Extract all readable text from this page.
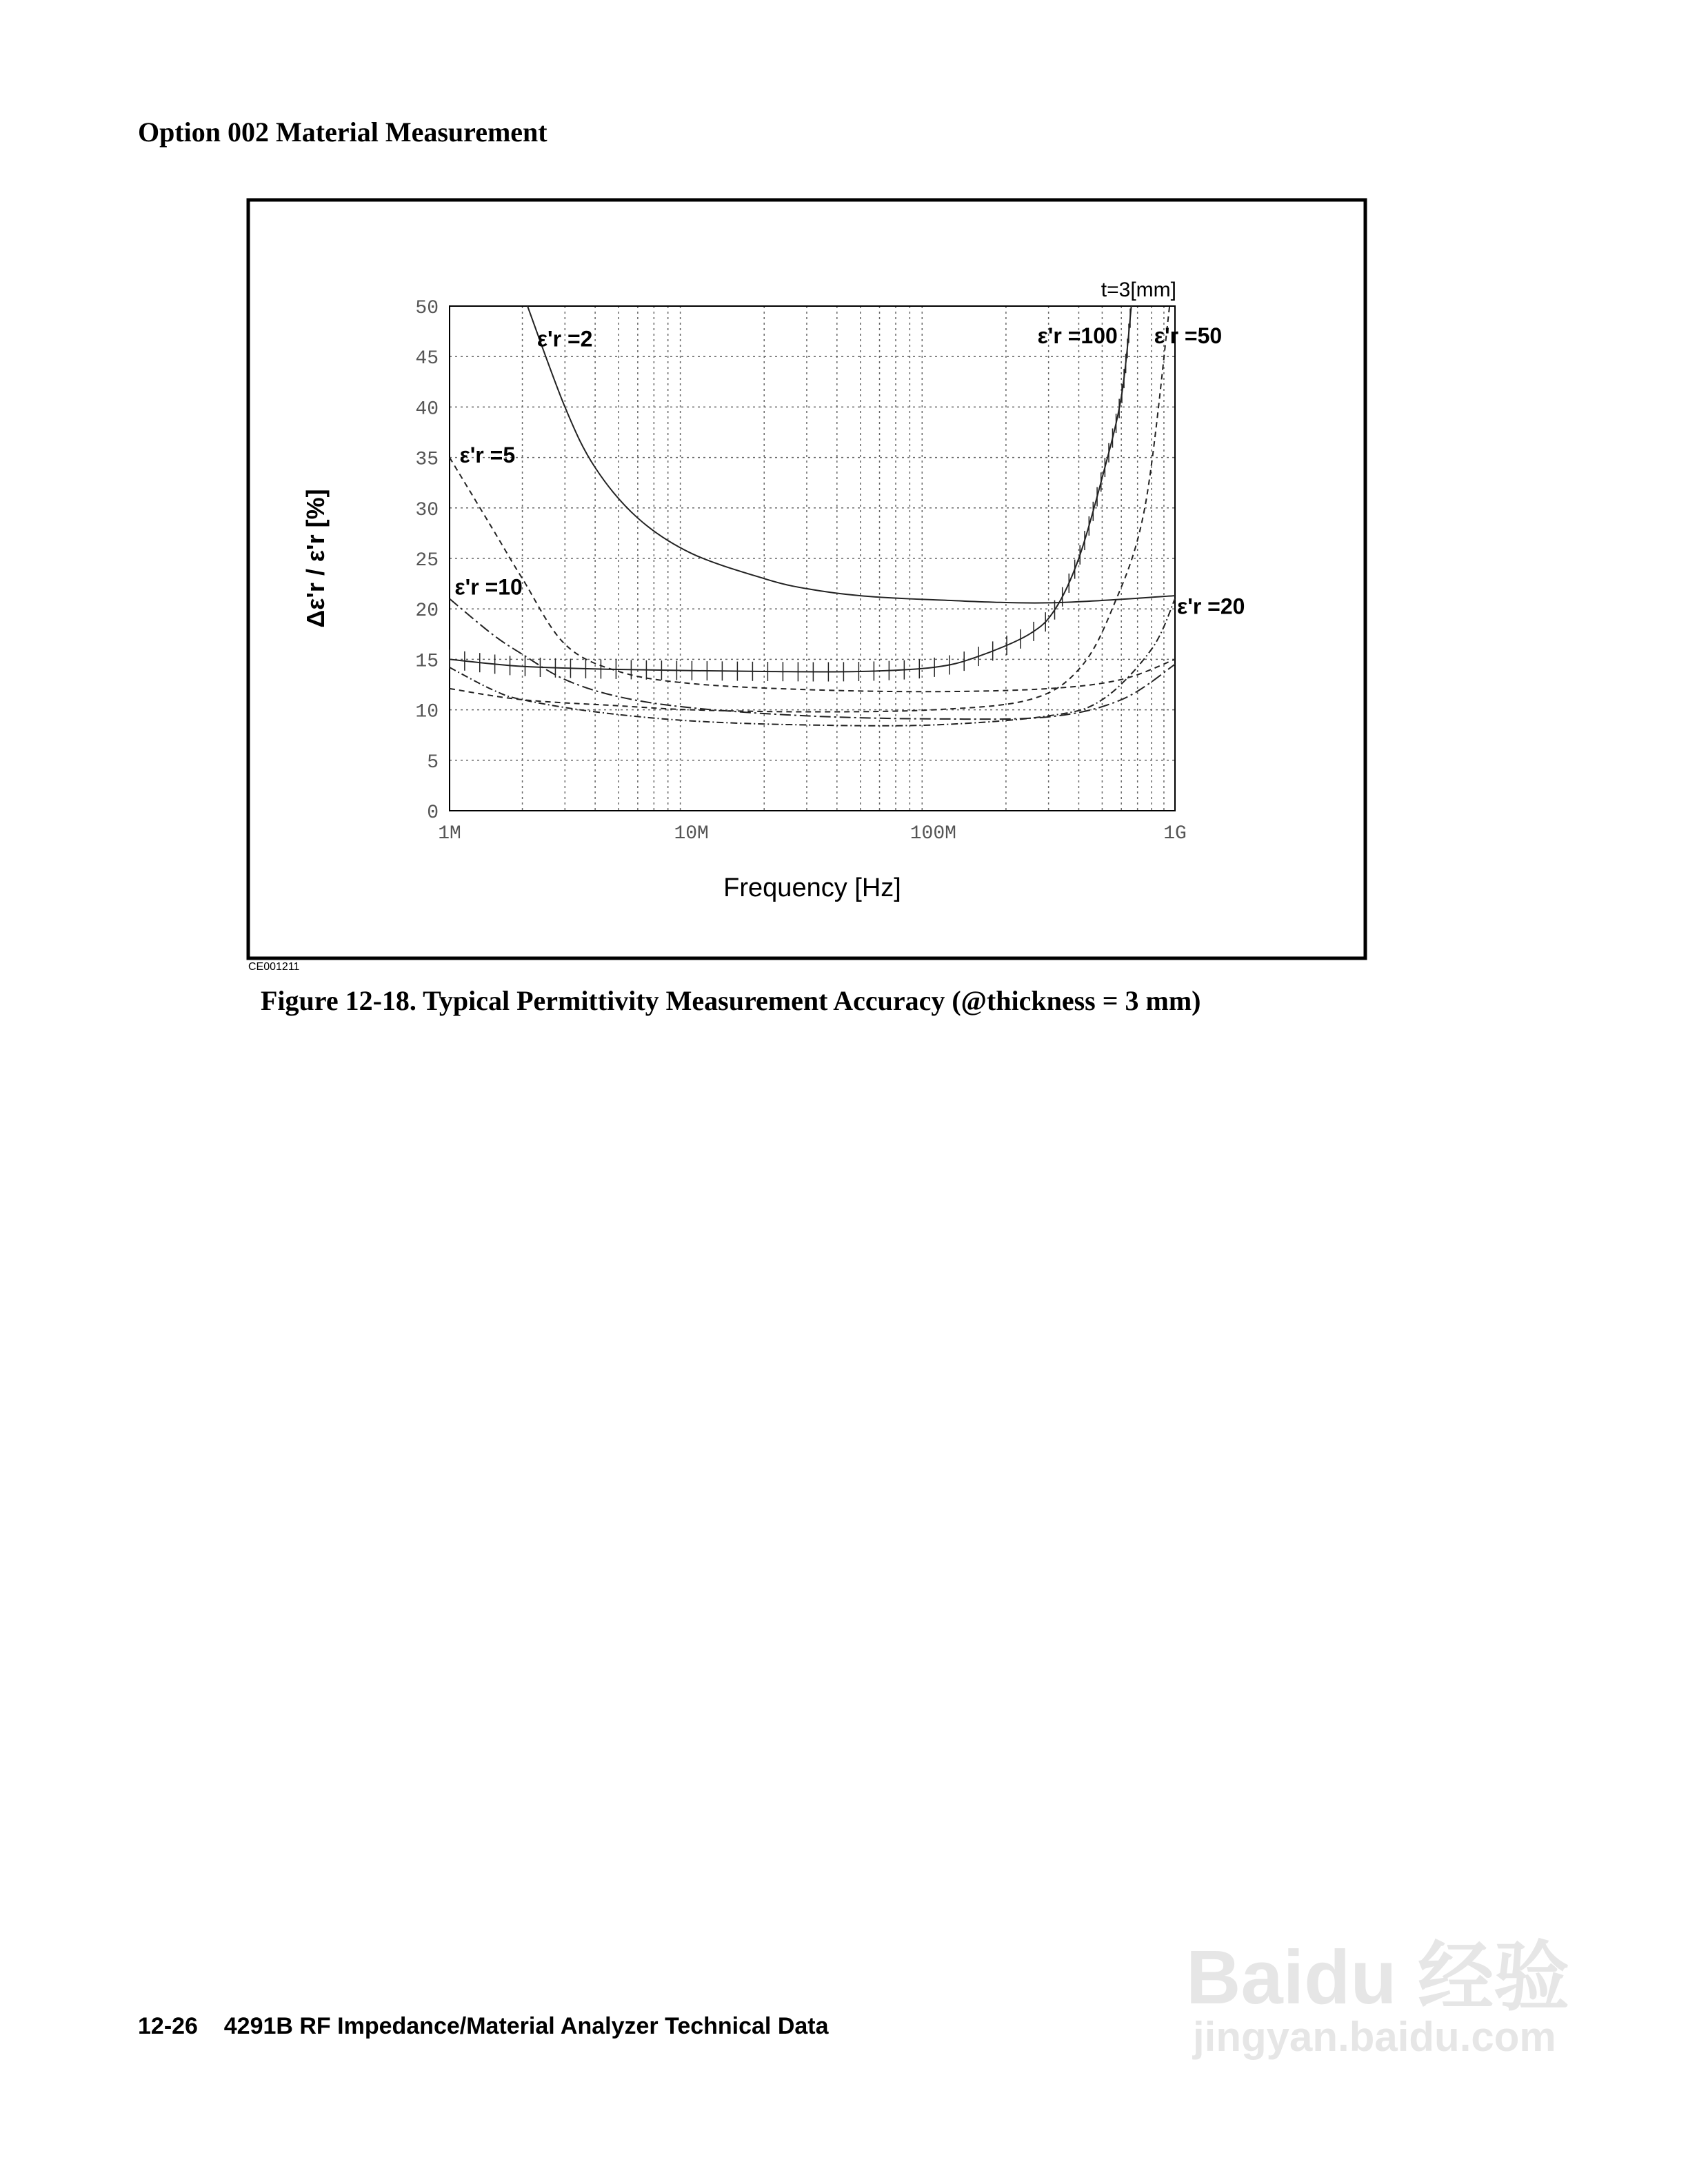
Option 002 Material Measurement
0
5
10
15
20
25
30
35
40
45
50
1M	10M	100M	1G
ε'r =2
ε'r =5
ε'r =10
ε'r =100 ε'r =50
ε'r =20
t=3[mm]
Frequency [Hz]
Δε'r / ε'r [%]
CE001211
Figure 12-18. Typical Permittivity Measurement Accuracy (@thickness = 3 mm)
12-26    4291B RF Impedance/Material Analyzer Technical Data
Baidu 经验
jingyan.baidu.com
